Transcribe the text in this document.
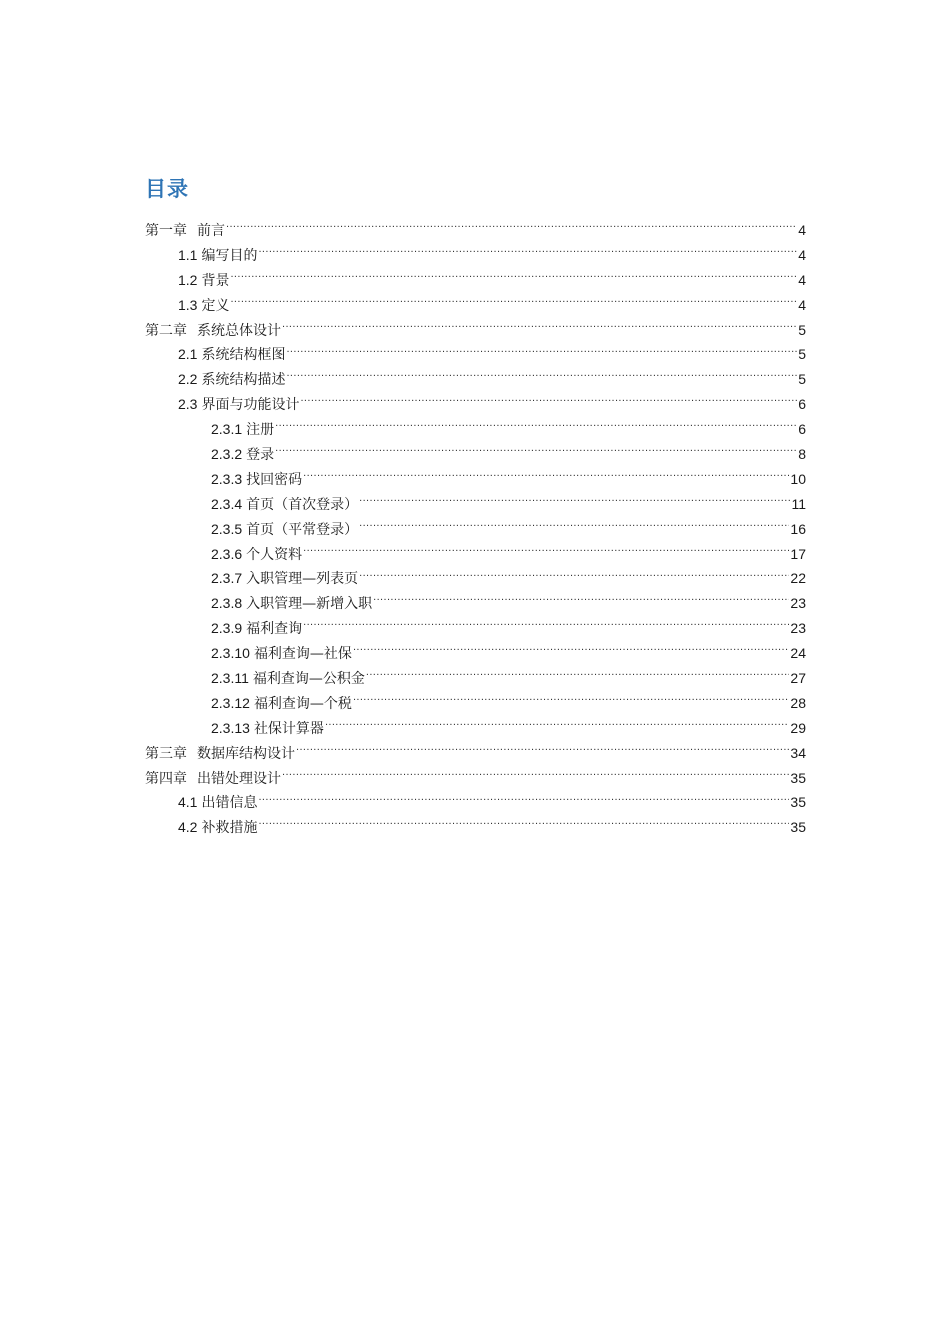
目录
第一章 前言 .....	4
1.1 编写目的 .....	4
1.2 背景 .....	4
1.3 定义 .....	4
第二章 系统总体设计 .....	5
2.1 系统结构框图 .....	5
2.2 系统结构描述 .....	5
2.3 界面与功能设计 .....	6
2.3.1 注册 .....	6
2.3.2 登录 .....	8
2.3.3 找回密码 .....	10
2.3.4 首页（首次登录） .....	11
2.3.5 首页（平常登录） .....	16
2.3.6 个人资料 .....	17
2.3.7 入职管理—列表页 .....	22
2.3.8 入职管理—新增入职 .....	23
2.3.9 福利查询 .....	23
2.3.10 福利查询—社保 .....	24
2.3.11 福利查询—公积金 .....	27
2.3.12 福利查询—个税 .....	28
2.3.13 社保计算器 .....	29
第三章 数据库结构设计 .....	34
第四章 出错处理设计 .....	35
4.1 出错信息 .....	35
4.2 补救措施 .....	35
